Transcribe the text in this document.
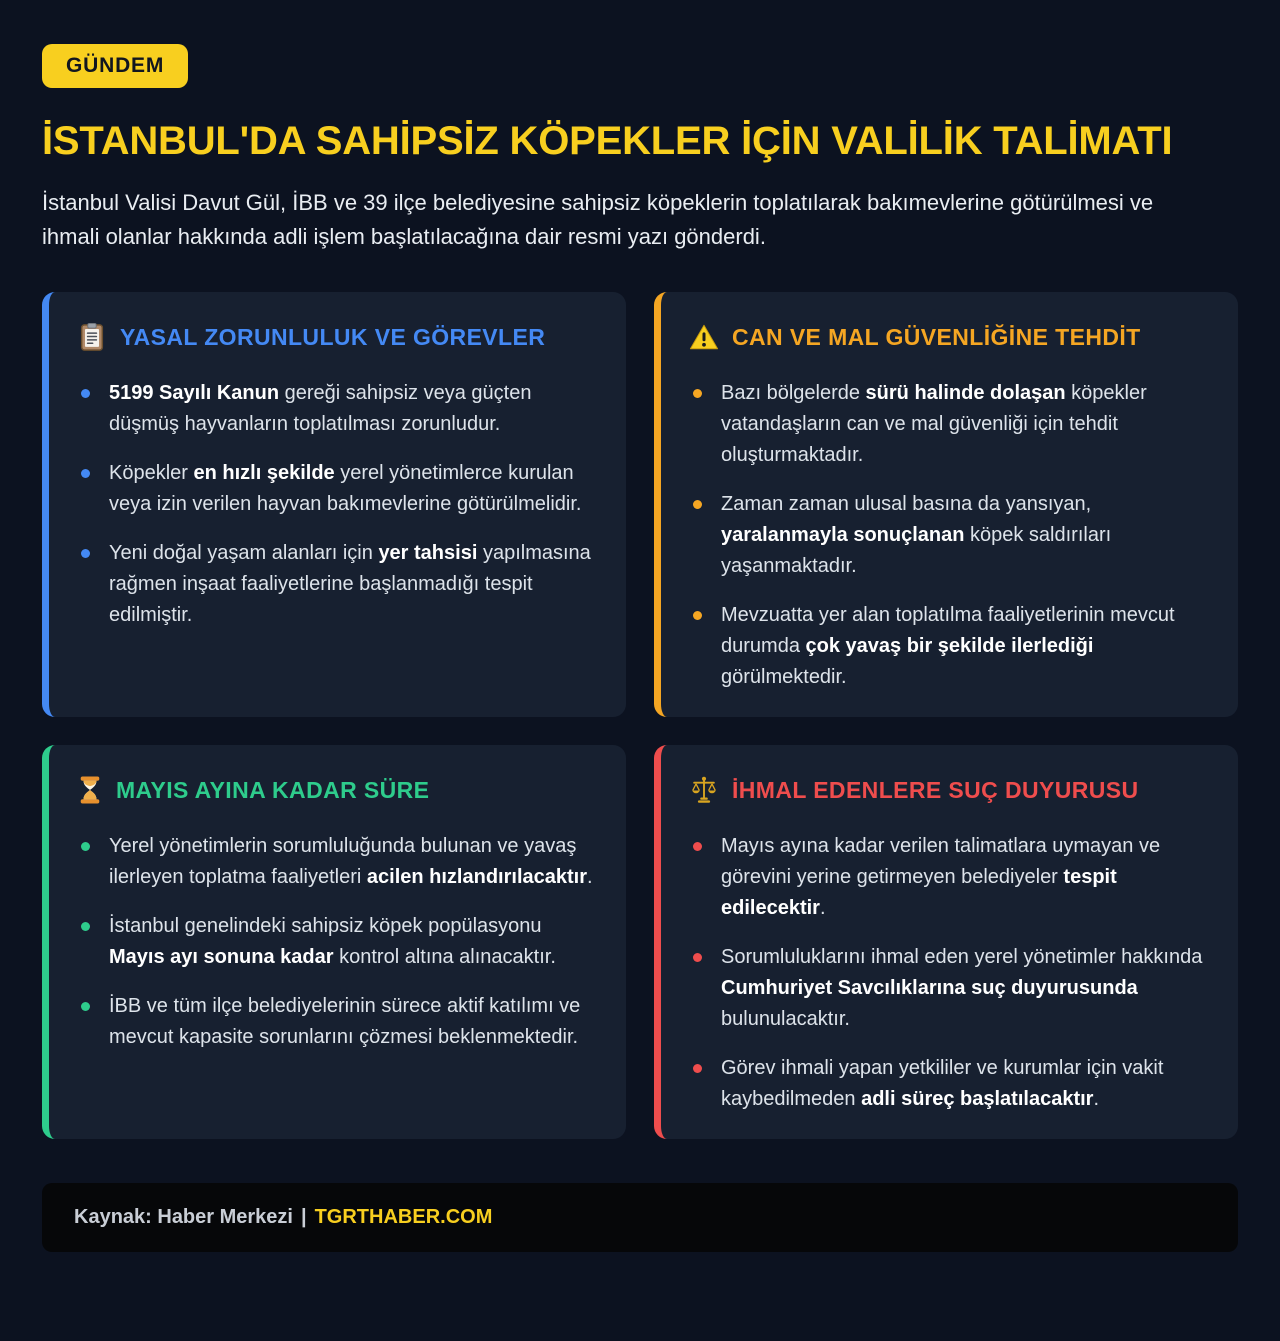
GÜNDEM
İSTANBUL'DA SAHİPSİZ KÖPEKLER İÇİN VALİLİK TALİMATI

İstanbul Valisi Davut Gül, İBB ve 39 ilçe belediyesine sahipsiz köpeklerin toplatılarak bakımevlerine götürülmesi ve ihmali olanlar hakkında adli işlem başlatılacağına dair resmi yazı gönderdi.

YASAL ZORUNLULUK VE GÖREVLER
5199 Sayılı Kanun gereği sahipsiz veya güçten düşmüş hayvanların toplatılması zorunludur.
Köpekler en hızlı şekilde yerel yönetimlerce kurulan veya izin verilen hayvan bakımevlerine götürülmelidir.
Yeni doğal yaşam alanları için yer tahsisi yapılmasına rağmen inşaat faaliyetlerine başlanmadığı tespit edilmiştir.
CAN VE MAL GÜVENLİĞİNE TEHDİT
Bazı bölgelerde sürü halinde dolaşan köpekler vatandaşların can ve mal güvenliği için tehdit oluşturmaktadır.
Zaman zaman ulusal basına da yansıyan, yaralanmayla sonuçlanan köpek saldırıları yaşanmaktadır.
Mevzuatta yer alan toplatılma faaliyetlerinin mevcut durumda çok yavaş bir şekilde ilerlediği görülmektedir.
MAYIS AYINA KADAR SÜRE
Yerel yönetimlerin sorumluluğunda bulunan ve yavaş ilerleyen toplatma faaliyetleri acilen hızlandırılacaktır.
İstanbul genelindeki sahipsiz köpek popülasyonu Mayıs ayı sonuna kadar kontrol altına alınacaktır.
İBB ve tüm ilçe belediyelerinin sürece aktif katılımı ve mevcut kapasite sorunlarını çözmesi beklenmektedir.
İHMAL EDENLERE SUÇ DUYURUSU
Mayıs ayına kadar verilen talimatlara uymayan ve görevini yerine getirmeyen belediyeler tespit edilecektir.
Sorumluluklarını ihmal eden yerel yönetimler hakkında Cumhuriyet Savcılıklarına suç duyurusunda bulunulacaktır.
Görev ihmali yapan yetkililer ve kurumlar için vakit kaybedilmeden adli süreç başlatılacaktır.
Kaynak: Haber Merkezi | TGRTHABER.COM
